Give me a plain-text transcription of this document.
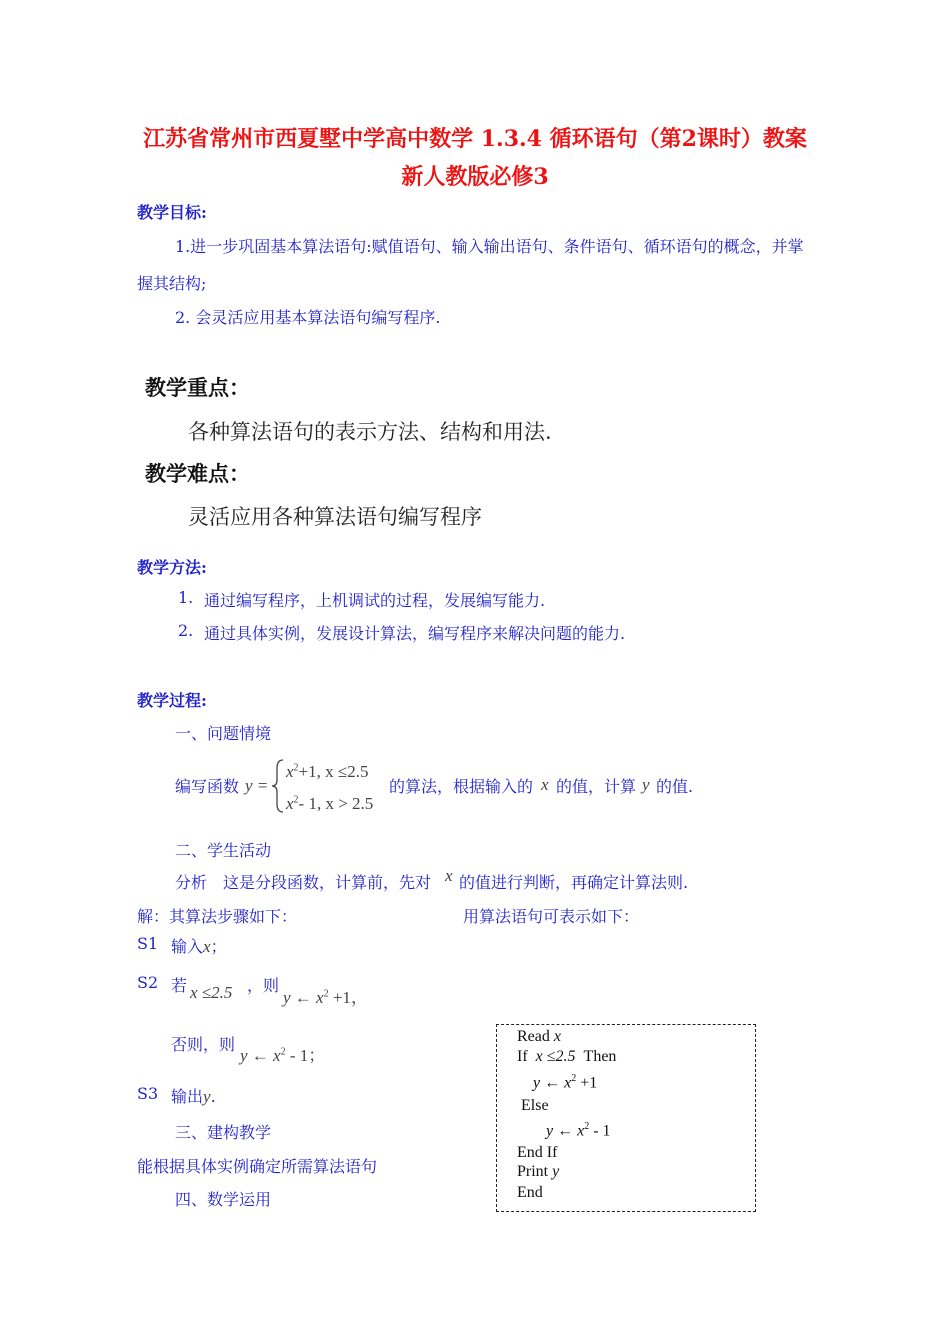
江苏省常州市西夏墅中学高中数学 1.3.4 循环语句（第2课时）教案
新人教版必修3
教学目标:
1.进一步巩固基本算法语句:赋值语句、输入输出语句、条件语句、循环语句的概念，并掌
握其结构;
2. 会灵活应用基本算法语句编写程序.
教学重点：
各种算法语句的表示方法、结构和用法.
教学难点：
灵活应用各种算法语句编写程序
教学方法:
1. 通过编写程序，上机调试的过程，发展编写能力.
2. 通过具体实例，发展设计算法，编写程序来解决问题的能力.
教学过程:
一、问题情境
编写函数 y =
$x^2+1$, x ≤2.5
$x^2-$ 1, x > 2.5
的算法，根据输入的 x 的值，计算 y 的值.
二、学生活动
分析　这是分段函数，计算前，先对 x 的值进行判断，再确定计算法则.
解：其算法步骤如下：	用算法语句可表示如下：
S1 输入x；
S2 若 x ≤2.5 ，则
y ← $x^2 +1$，
否则，则
y ← $x^2 - 1$；
S3 输出y.
三、建构教学
能根据具体实例确定所需算法语句
四、数学运用
Read x
If x ≤2.5 Then
y ← $x^2 +1$
Else
y ← $x^2 - 1$
End If
Print y
End
